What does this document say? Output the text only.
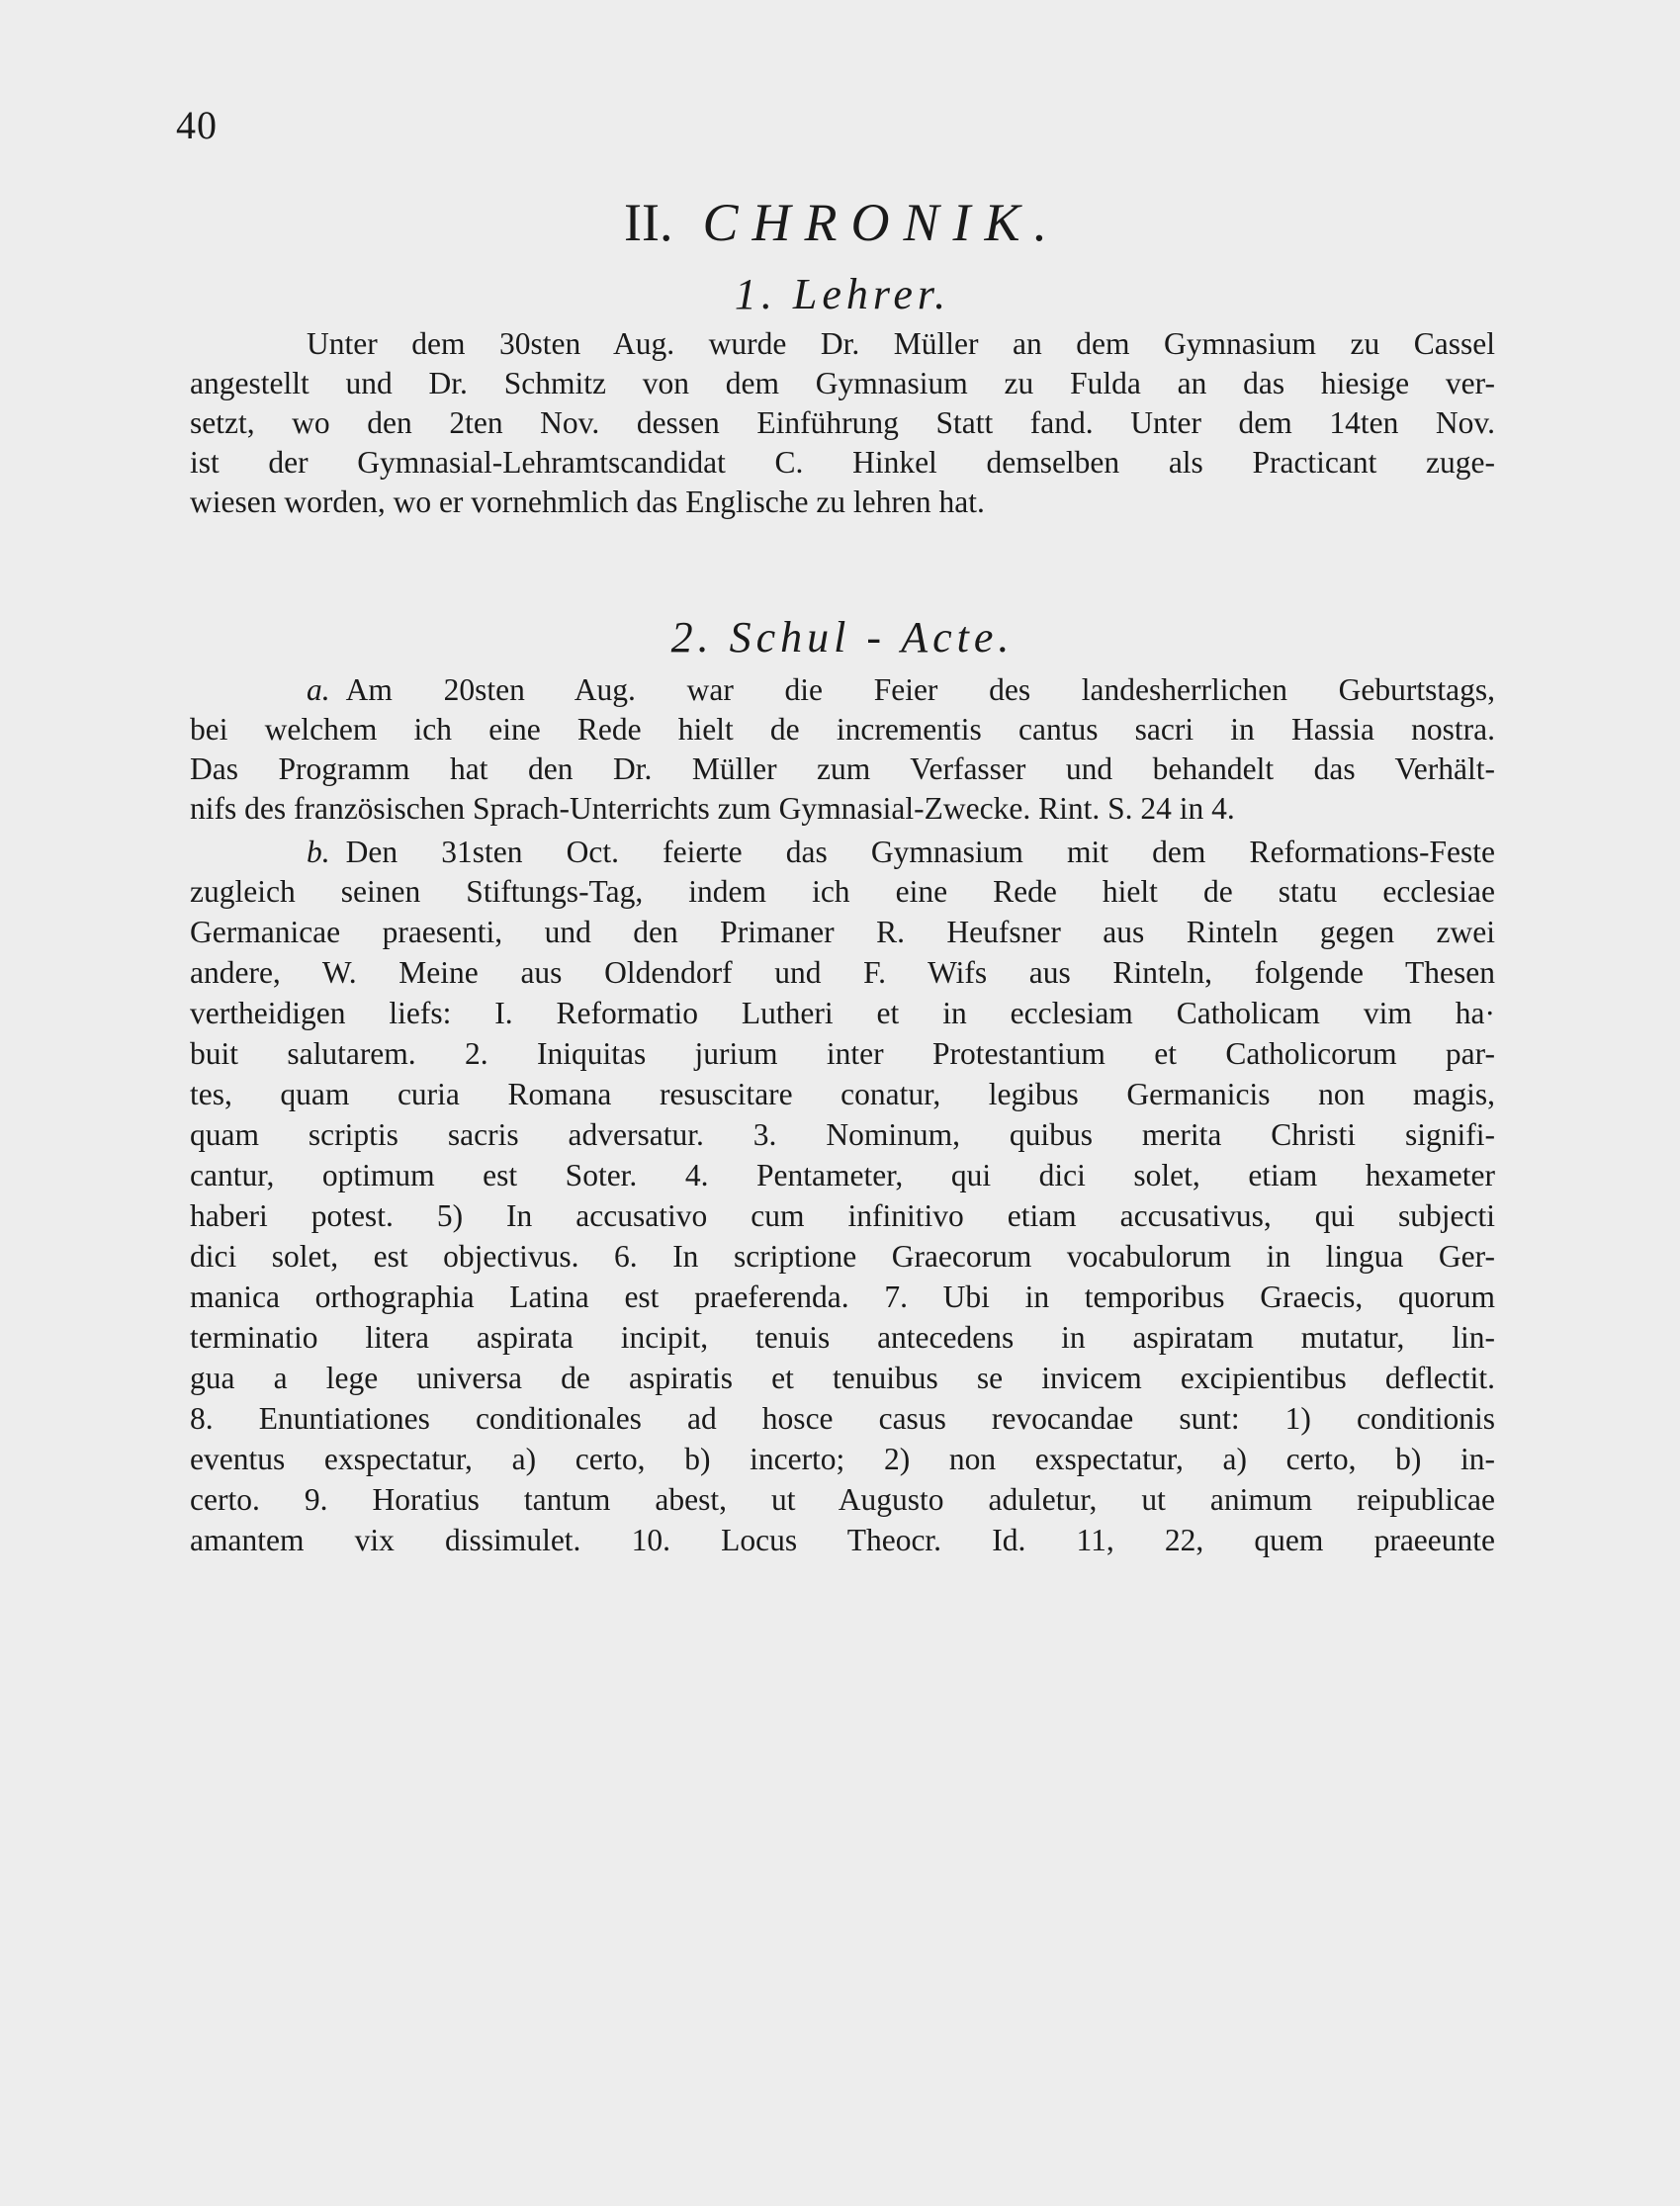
40
II. CHRONIK.
1. Lehrer.
Unter dem 30sten Aug. wurde Dr. Müller an dem Gymnasium zu Cassel
angestellt und Dr. Schmitz von dem Gymnasium zu Fulda an das hiesige ver-
setzt, wo den 2ten Nov. dessen Einführung Statt fand. Unter dem 14ten Nov.
ist der Gymnasial-Lehramtscandidat C. Hinkel demselben als Practicant zuge-
wiesen worden, wo er vornehmlich das Englische zu lehren hat.
2. Schul - Acte.
a. Am 20sten Aug. war die Feier des landesherrlichen Geburtstags,
bei welchem ich eine Rede hielt de incrementis cantus sacri in Hassia nostra.
Das Programm hat den Dr. Müller zum Verfasser und behandelt das Verhält-
nifs des französischen Sprach-Unterrichts zum Gymnasial-Zwecke. Rint. S. 24 in 4.
b. Den 31sten Oct. feierte das Gymnasium mit dem Reformations-Feste
zugleich seinen Stiftungs-Tag, indem ich eine Rede hielt de statu ecclesiae
Germanicae praesenti, und den Primaner R. Heufsner aus Rinteln gegen zwei
andere, W. Meine aus Oldendorf und F. Wifs aus Rinteln, folgende Thesen
vertheidigen liefs: I. Reformatio Lutheri et in ecclesiam Catholicam vim ha·
buit salutarem. 2. Iniquitas jurium inter Protestantium et Catholicorum par-
tes, quam curia Romana resuscitare conatur, legibus Germanicis non magis,
quam scriptis sacris adversatur. 3. Nominum, quibus merita Christi signifi-
cantur, optimum est Soter. 4. Pentameter, qui dici solet, etiam hexameter
haberi potest. 5) In accusativo cum infinitivo etiam accusativus, qui subjecti
dici solet, est objectivus. 6. In scriptione Graecorum vocabulorum in lingua Ger-
manica orthographia Latina est praeferenda. 7. Ubi in temporibus Graecis, quorum
terminatio litera aspirata incipit, tenuis antecedens in aspiratam mutatur, lin-
gua a lege universa de aspiratis et tenuibus se invicem excipientibus deflectit.
8. Enuntiationes conditionales ad hosce casus revocandae sunt: 1) conditionis
eventus exspectatur, a) certo, b) incerto; 2) non exspectatur, a) certo, b) in-
certo. 9. Horatius tantum abest, ut Augusto aduletur, ut animum reipublicae
amantem vix dissimulet. 10. Locus Theocr. Id. 11, 22, quem praeeunte
